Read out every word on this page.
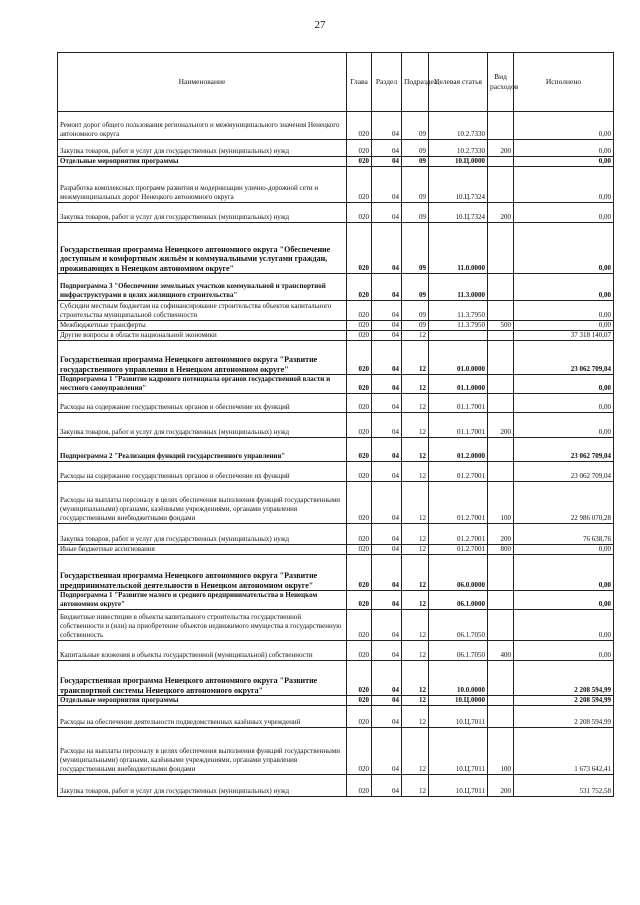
27
Наименование	Глава	Раздел	Подраздел	Целевая статья	Вид расходов	Исполнено
Ремонт дорог общего пользования регионального и межмуниципального значения Ненецкого автономного округа	020	04	09	10.2.7330		0,00
Закупка товаров, работ и услуг для государственных (муниципальных) нужд	020	04	09	10.2.7330	200	0,00
Отдельные мероприятия программы	020	04	09	10.Ц.0000		0,00
Разработка комплексных программ развития и модернизации улично-дорожной сети и межмуниципальных дорог Ненецкого автономного округа	020	04	09	10.Ц.7324		0,00
Закупка товаров, работ и услуг для государственных (муниципальных) нужд	020	04	09	10.Ц.7324	200	0,00
Государственная программа Ненецкого автономного округа "Обеспечение доступным и комфортным жильём и коммунальными услугами граждан, проживающих в Ненецком автономном округе"	020	04	09	11.0.0000		0,00
Подпрограмма 3 "Обеспечение земельных участков коммунальной и транспортной инфраструктурами в целях жилищного строительства"	020	04	09	11.3.0000		0,00
Субсидии местным бюджетам на софинансирование строительства объектов капитального строительства муниципальной собственности	020	04	09	11.3.7950		0,00
Межбюджетные трансферты	020	04	09	11.3.7950	500	0,00
Другие вопросы в области национальной экономики	020	04	12			37 318 140,07
Государственная программа Ненецкого автономного округа "Развитие государственного управления в Ненецком автономном округе"	020	04	12	01.0.0000		23 062 709,04
Подпрограмма 1 "Развитие кадрового потенциала органов государственной власти и местного самоуправления"	020	04	12	01.1.0000		0,00
Расходы на содержание государственных органов и обеспечение их функций	020	04	12	01.1.7001		0,00
Закупка товаров, работ и услуг для государственных (муниципальных) нужд	020	04	12	01.1.7001	200	0,00
Подпрограмма 2 "Реализация функций государственного управления"	020	04	12	01.2.0000		23 062 709,04
Расходы на содержание государственных органов и обеспечение их функций	020	04	12	01.2.7001		23 062 709,04
Расходы на выплаты персоналу в целях обеспечения выполнения функций государственными (муниципальными) органами, казёнными учреждениями, органами управления государственными внебюджетными фондами	020	04	12	01.2.7001	100	22 986 070,28
Закупка товаров, работ и услуг для государственных (муниципальных) нужд	020	04	12	01.2.7001	200	76 638,76
Иные бюджетные ассигнования	020	04	12	01.2.7001	800	0,00
Государственная программа Ненецкого автономного округа "Развитие предпринимательской деятельности в Ненецком автономном округе"	020	04	12	06.0.0000		0,00
Подпрограмма 1 "Развитие малого и среднего предпринимательства в Ненецком автономном округе"	020	04	12	06.1.0000		0,00
Бюджетные инвестиции в объекты капитального строительства государственной собственности и (или) на приобретение объектов недвижимого имущества в государственную собственность	020	04	12	06.1.7050		0,00
Капитальные вложения в объекты государственной (муниципальной) собственности	020	04	12	06.1.7050	400	0,00
Государственная программа Ненецкого автономного округа "Развитие транспортной системы Ненецкого автономного округа"	020	04	12	10.0.0000		2 208 594,99
Отдельные мероприятия программы	020	04	12	10.Ц.0000		2 208 594,99
Расходы на обеспечение деятельности подведомственных казённых учреждений	020	04	12	10.Ц.7011		2 208 594,99
Расходы на выплаты персоналу в целях обеспечения выполнения функций государственными (муниципальными) органами, казёнными учреждениями, органами управления государственными внебюджетными фондами	020	04	12	10.Ц.7011	100	1 673 642,41
Закупка товаров, работ и услуг для государственных (муниципальных) нужд	020	04	12	10.Ц.7011	200	531 752,58
